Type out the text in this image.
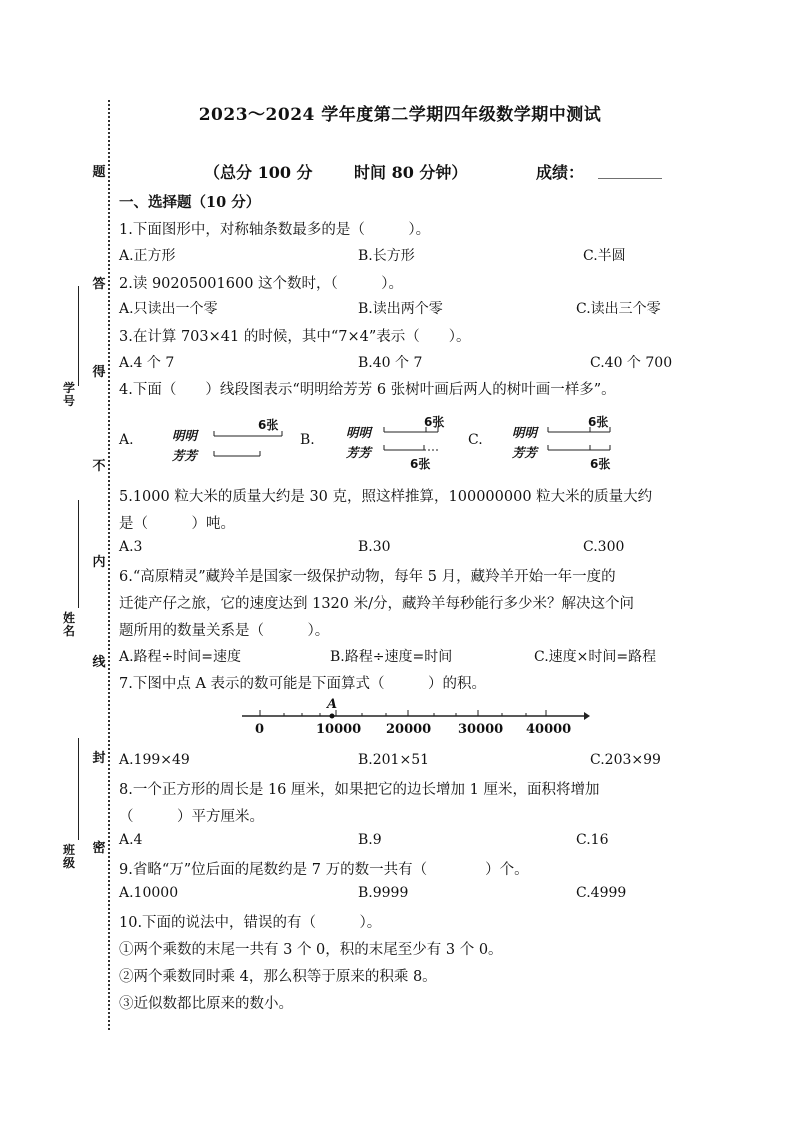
题
答
得
不
内
线
封
密
学号
姓名
班级
2023～2024 学年度第二学期四年级数学期中测试
（总分 100 分	时间 80 分钟）	成绩： ________
一、选择题（10 分）
1.下面图形中，对称轴条数最多的是（　　　）。
A.正方形	B.长方形	C.半圆
2.读 90205001600 这个数时，（　　　）。
A.只读出一个零	B.读出两个零	C.读出三个零
3.在计算 703×41 的时候，其中“7×4”表示（　　）。
A.4 个 7	B.40 个 7	C.40 个 700
4.下面（　　）线段图表示“明明给芳芳 6 张树叶画后两人的树叶画一样多”。
A.	明明
芳芳
6张
B.	明明
芳芳
6张
6张
C. 明明
芳芳
6张
6张
5.1000 粒大米的质量大约是 30 克，照这样推算，100000000 粒大米的质量大约
是（　　　）吨。
A.3	B.30	C.300
6.“高原精灵”藏羚羊是国家一级保护动物，每年 5 月，藏羚羊开始一年一度的
迁徙产仔之旅，它的速度达到 1320 米/分，藏羚羊每秒能行多少米？解决这个问
题所用的数量关系是（　　　）。
A.路程÷时间=速度	B.路程÷速度=时间	C.速度×时间=路程
7.下图中点 A 表示的数可能是下面算式（　　　）的积。
A
0	10000 20000 30000 40000
A.199×49	B.201×51	C.203×99
8.一个正方形的周长是 16 厘米，如果把它的边长增加 1 厘米，面积将增加
（　　　）平方厘米。
A.4	B.9	C.16
9.省略“万”位后面的尾数约是 7 万的数一共有（　　　　）个。
A.10000	B.9999	C.4999
10.下面的说法中，错误的有（　　　）。
①两个乘数的末尾一共有 3 个 0，积的末尾至少有 3 个 0。
②两个乘数同时乘 4，那么积等于原来的积乘 8。
③近似数都比原来的数小。
